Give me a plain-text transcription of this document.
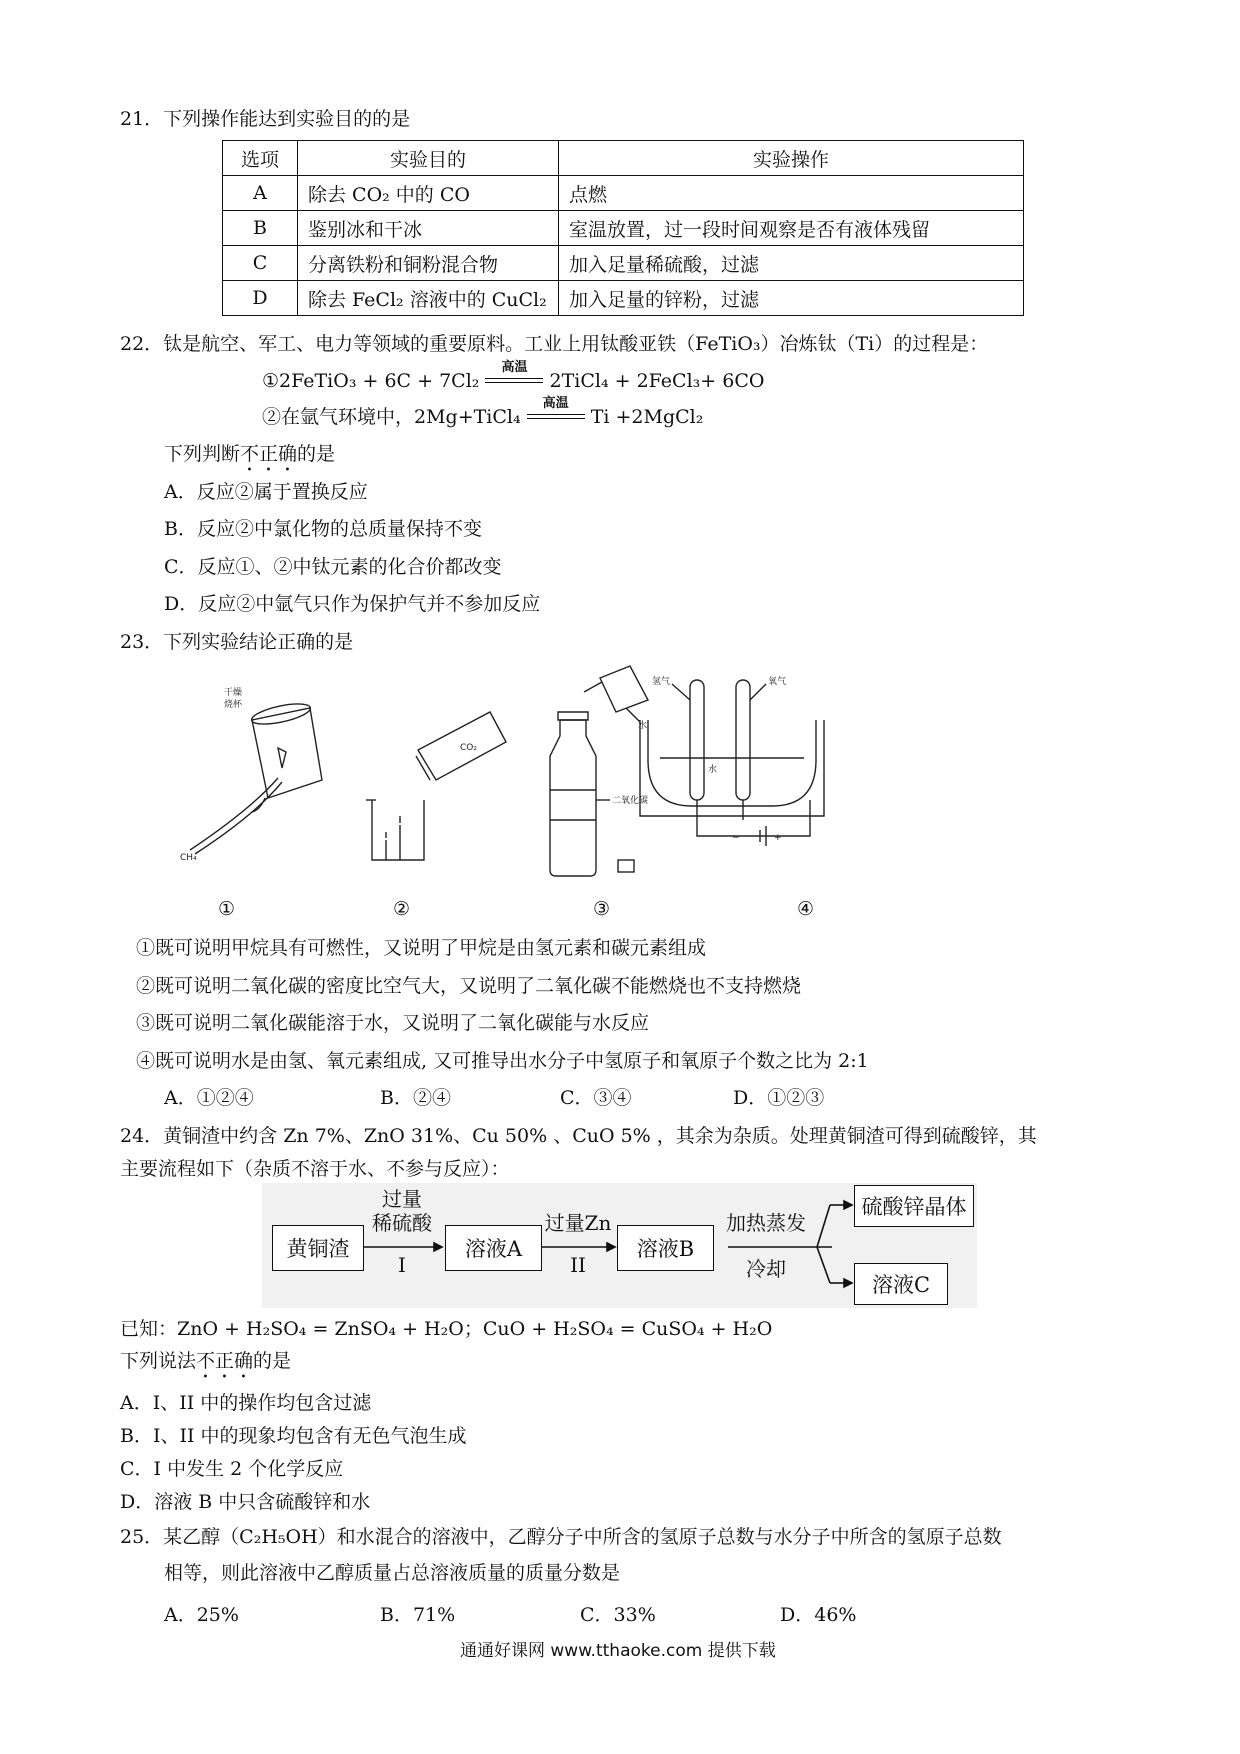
21．下列操作能达到实验目的的是
选项	实验目的	实验操作
A	除去 CO₂ 中的 CO	点燃
B	鉴别冰和干冰	室温放置，过一段时间观察是否有液体残留
C	分离铁粉和铜粉混合物	加入足量稀硫酸，过滤
D	除去 FeCl₂ 溶液中的 CuCl₂	加入足量的锌粉，过滤
22．钛是航空、军工、电力等领域的重要原料。工业上用钛酸亚铁（FeTiO₃）冶炼钛（Ti）的过程是：
①2FeTiO₃ + 6C + 7Cl₂
高温
2TiCl₄ + 2FeCl₃+ 6CO
②在氩气环境中，2Mg+TiCl₄
高温
Ti +2MgCl₂
下列判断不正确的是
A．反应②属于置换反应
B．反应②中氯化物的总质量保持不变
C．反应①、②中钛元素的化合价都改变
D．反应②中氩气只作为保护气并不参加反应
23．下列实验结论正确的是
干燥
烧杯
CH₄
CO₂
水
二氧化碳
氢气	氧气
水
−	+
①	②	③	④
①既可说明甲烷具有可燃性，又说明了甲烷是由氢元素和碳元素组成
②既可说明二氧化碳的密度比空气大，又说明了二氧化碳不能燃烧也不支持燃烧
③既可说明二氧化碳能溶于水，又说明了二氧化碳能与水反应
④既可说明水是由氢、氧元素组成, 又可推导出水分子中氢原子和氧原子个数之比为 2:1
A．①②④	B．②④	C．③④	D．①②③
24．黄铜渣中约含 Zn 7%、ZnO 31%、Cu 50% 、CuO 5% ，其余为杂质。处理黄铜渣可得到硫酸锌，其
主要流程如下（杂质不溶于水、不参与反应）：
黄铜渣
过量
稀硫酸
I
溶液A
过量Zn
II
溶液B
加热蒸发
冷却
硫酸锌晶体
溶液C
已知：ZnO + H₂SO₄ = ZnSO₄ + H₂O；CuO + H₂SO₄ = CuSO₄ + H₂O
下列说法不正确的是
A．I、II 中的操作均包含过滤
B．I、II 中的现象均包含有无色气泡生成
C．I 中发生 2 个化学反应
D．溶液 B 中只含硫酸锌和水
25．某乙醇（C₂H₅OH）和水混合的溶液中，乙醇分子中所含的氢原子总数与水分子中所含的氢原子总数
相等，则此溶液中乙醇质量占总溶液质量的质量分数是
A．25%	B．71%	C．33%	D．46%
通通好课网 www.tthaoke.com 提供下载
